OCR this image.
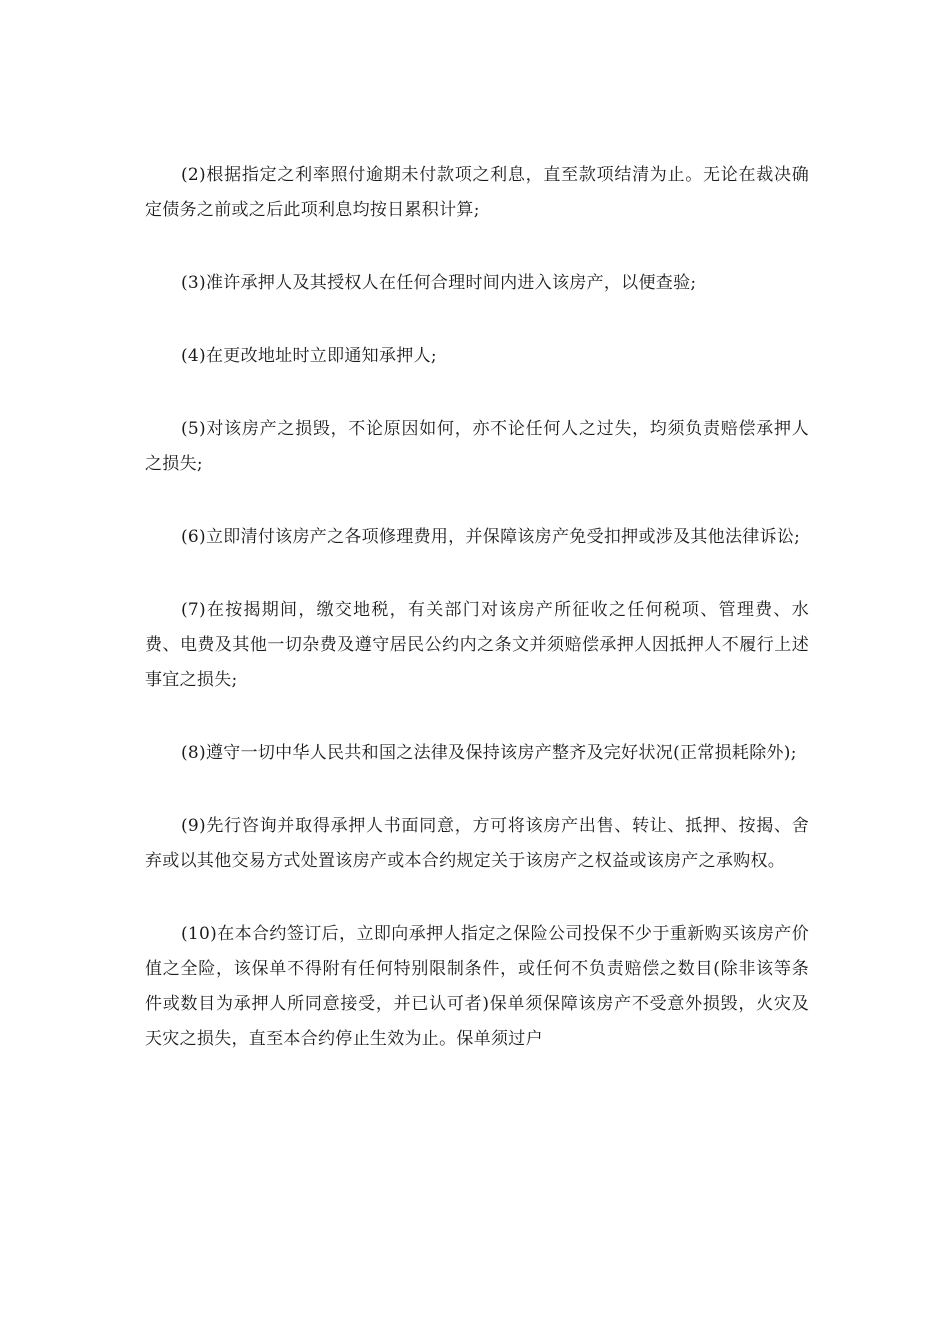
(2)根据指定之利率照付逾期未付款项之利息，直至款项结清为止。无论在裁决确定债务之前或之后此项利息均按日累积计算;

(3)准许承押人及其授权人在任何合理时间内进入该房产，以便查验;

(4)在更改地址时立即通知承押人;

(5)对该房产之损毁，不论原因如何，亦不论任何人之过失，均须负责赔偿承押人之损失;

(6)立即清付该房产之各项修理费用，并保障该房产免受扣押或涉及其他法律诉讼;

(7)在按揭期间，缴交地税，有关部门对该房产所征收之任何税项、管理费、水费、电费及其他一切杂费及遵守居民公约内之条文并须赔偿承押人因抵押人不履行上述事宜之损失;

(8)遵守一切中华人民共和国之法律及保持该房产整齐及完好状况(正常损耗除外);

(9)先行咨询并取得承押人书面同意，方可将该房产出售、转让、抵押、按揭、舍弃或以其他交易方式处置该房产或本合约规定关于该房产之权益或该房产之承购权。

(10)在本合约签订后，立即向承押人指定之保险公司投保不少于重新购买该房产价值之全险，该保单不得附有任何特别限制条件，或任何不负责赔偿之数目(除非该等条件或数目为承押人所同意接受，并已认可者)保单须保障该房产不受意外损毁，火灾及天灾之损失，直至本合约停止生效为止。保单须过户
